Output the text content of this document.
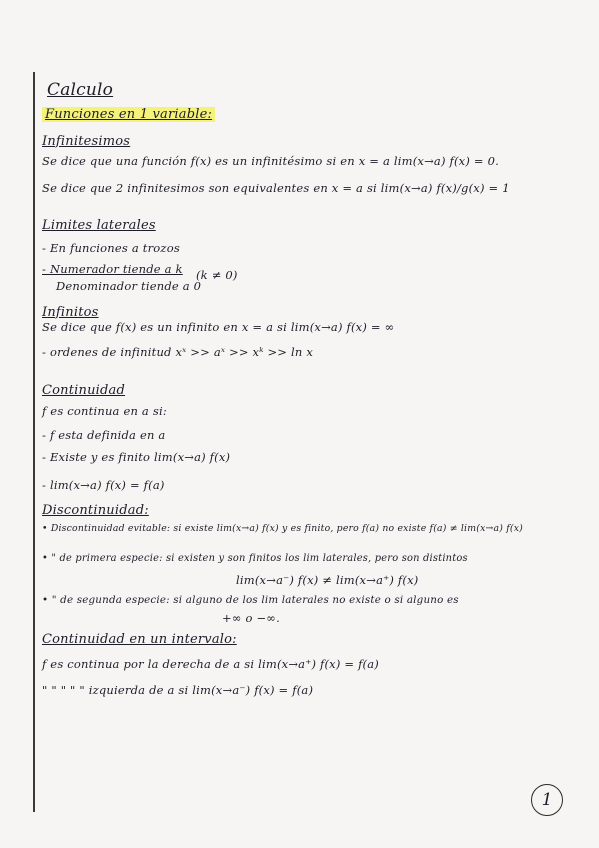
Calculo
Funciones en 1 variable:
Infinitesimos
Se dice que una función f(x) es un infinitésimo si en x = a lim(x→a) f(x) = 0.
Se dice que 2 infinitesimos son equivalentes en x = a si lim(x→a) f(x)/g(x) = 1
Limites laterales
- En funciones a trozos
- Numerador tiende a k
Denominador tiende a 0
(k ≠ 0)
Infinitos
Se dice que f(x) es un infinito en x = a si lim(x→a) f(x) = ∞
- ordenes de infinitud xˣ >> aˣ >> xᵏ >> ln x
Continuidad
f es continua en a si:
- f esta definida en a
- Existe y es finito lim(x→a) f(x)
- lim(x→a) f(x) = f(a)
Discontinuidad:
• Discontinuidad evitable: si existe lim(x→a) f(x) y es finito, pero f(a) no existe f(a) ≠ lim(x→a) f(x)
• " de primera especie: si existen y son finitos los lim laterales, pero son distintos
lim(x→a⁻) f(x) ≠ lim(x→a⁺) f(x)
• " de segunda especie: si alguno de los lim laterales no existe o si alguno es
+∞ o −∞.
Continuidad en un intervalo:
f es continua por la derecha de a si lim(x→a⁺) f(x) = f(a)
" " " " " izquierda de a si lim(x→a⁻) f(x) = f(a)
1
